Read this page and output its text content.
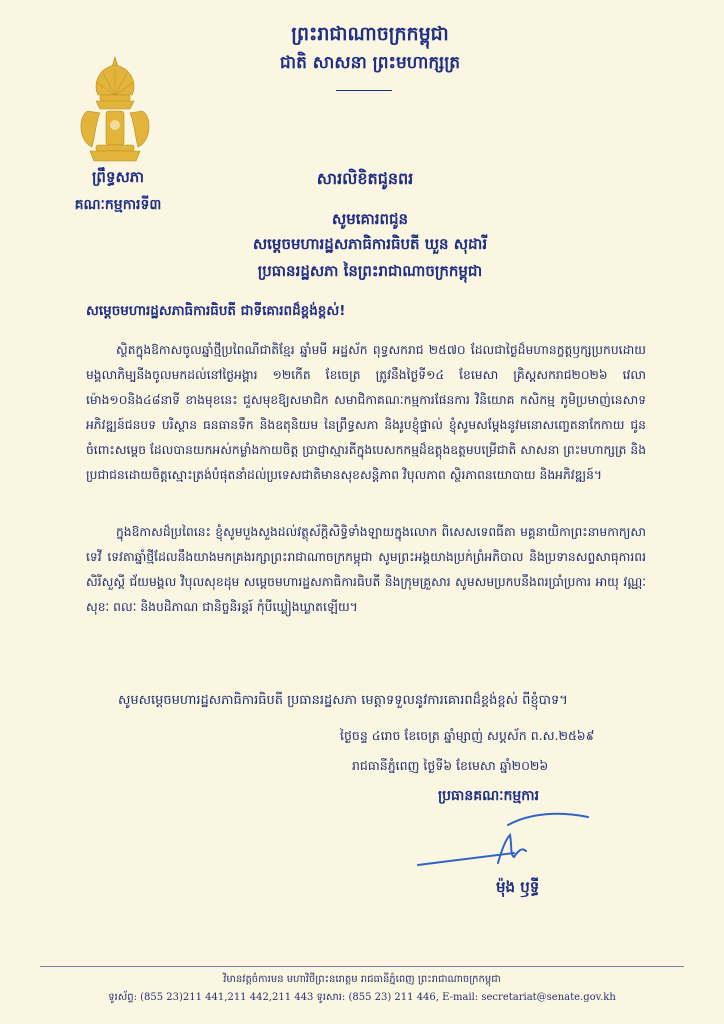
ព្រះរាជាណាចក្រកម្ពុជា
ជាតិ សាសនា ព្រះមហាក្សត្រ
ព្រឹទ្ធសភា
គណៈកម្មការទី៣
សារលិខិតជូនពរ
សូមគោរពជូន
សម្ដេចមហារដ្ឋសភាធិការធិបតី ឃួន សុដារី
ប្រធានរដ្ឋសភា នៃព្រះរាជាណាចក្រកម្ពុជា
សម្ដេចមហារដ្ឋសភាធិការធិបតី ជាទីគោរពដ៏ខ្ពង់ខ្ពស់!
ស្ថិតក្នុងឱកាសចូលឆ្នាំថ្មីប្រពៃណីជាតិខ្មែរ ឆ្នាំមមី អដ្ឋស័ក ពុទ្ធសករាជ ២៥៧០ ដែលជាថ្ងៃដ៏មហានក្ខត្តឫក្សប្រកបដោយមង្គលាភិម្បនីងចូលមកដល់នៅថ្ងៃអង្គារ ១២កើត ខែចេត្រ ត្រូវនឹងថ្ងៃទី១៤ ខែមេសា គ្រិស្តសករាជ២០២៦ វេលាម៉ោង១០និង៤៨នាទី ខាងមុខនេះ ជួសមុខឱ្យសមាជិក សមាជិកាគណៈកម្មការផែនការ វិនិយោគ កសិកម្ម ភូមិប្រមាញ់នេសាទ អភិវឌ្ឍន៍ជនបទ បរិស្ថាន ធនធានទឹក និងឧតុនិយម នៃព្រឹទ្ធសភា និងរូបខ្ញុំផ្ទាល់ ខ្ញុំសូមសម្ដែងនូវមនោសញ្ចេតនាកែកាយ ជូនចំពោះសម្ដេច ដែលបានយកអស់កម្លាំងកាយចិត្ត ប្រាជ្ញាស្មារតីក្នុងបេសកកម្មដ៏ឧត្តុងឧត្តមបម្រើជាតិ សាសនា ព្រះមហាក្សត្រ និងប្រជាជនដោយចិត្តស្មោះត្រង់បំផុតនាំដល់ប្រទេសជាតិមានសុខសន្តិភាព វិបុលភាព ស្ថិរភាពនយោបាយ និងអភិវឌ្ឍន៍។
ក្នុងឱកាសដ៏ប្រពៃនេះ ខ្ញុំសូមបួងសួងដល់វត្ថុស័ក្តិសិទ្ធិទាំងឡាយក្នុងលោក ពិសេសទេពធីតា មគ្គនាយិកាព្រះនាមកាក្យសាទេវី ទេវតាឆ្នាំថ្មីដែលនឹងយាងមកគ្រងរក្សាព្រះរាជាណាចក្រកម្ពុជា សូមព្រះអង្គយាងប្រក់ព្រំអភិបាល និងប្រទានសព្ទសាធុការពរ សិរីសួស្តី ជ័យមង្គល វិបុលសុខដុម សម្ដេចមហារដ្ឋសភាធិការធិបតី និងក្រុមគ្រួសារ សូមសមប្រកបនឹងពរប្រាំប្រការ អាយុ វណ្ណៈ សុខៈ ពលៈ និងបដិភាណ ជានិច្ចនិរន្តរ៍ កុំបីឃ្លៀងឃ្លាតឡើយ។
សូមសម្ដេចមហារដ្ឋសភាធិការធិបតី ប្រធានរដ្ឋសភា មេត្តាទទួលនូវការគោរពដ៏ខ្ពង់ខ្ពស់ ពីខ្ញុំបាទ។
ថ្ងៃចន្ទ ៤រោច ខែចេត្រ ឆ្នាំម្សាញ់ សប្តស័ក ព.ស.២៥៦៩
រាជធានីភ្នំពេញ ថ្ងៃទី៦ ខែមេសា ឆ្នាំ២០២៦
ប្រធានគណៈកម្មការ
ម៉ុង ឫទ្ធី
វិមានវត្តចំការមន មហាវិថីព្រះនរោត្តម រាជធានីភ្នំពេញ ព្រះរាជាណាចក្រកម្ពុជា
ទូរស័ព្ទ: (855 23)211 441,211 442,211 443 ទូរសារ: (855 23) 211 446, E-mail: secretariat@senate.gov.kh
